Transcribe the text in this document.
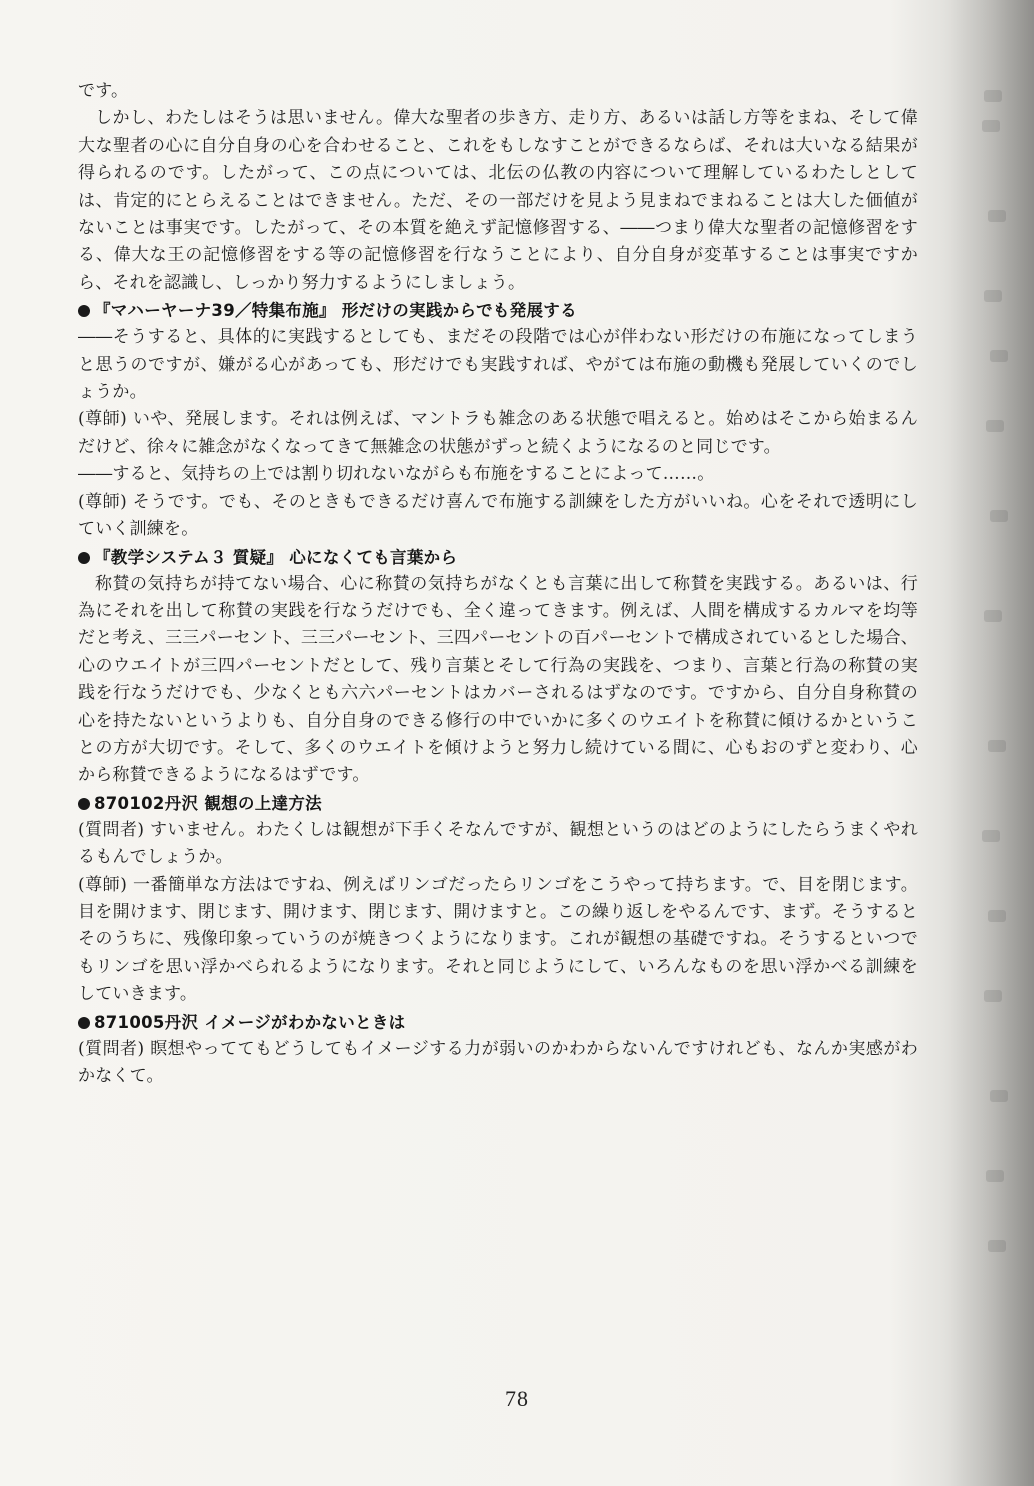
です。

しかし、わたしはそうは思いません。偉大な聖者の歩き方、走り方、あるいは話し方等をまね、そして偉大な聖者の心に自分自身の心を合わせること、これをもしなすことができるならば、それは大いなる結果が得られるのです。したがって、この点については、北伝の仏教の内容について理解しているわたしとしては、肯定的にとらえることはできません。ただ、その一部だけを見よう見まねでまねることは大した価値がないことは事実です。したがって、その本質を絶えず記憶修習する、――つまり偉大な聖者の記憶修習をする、偉大な王の記憶修習をする等の記憶修習を行なうことにより、自分自身が変革することは事実ですから、それを認識し、しっかり努力するようにしましょう。

『マハーヤーナ39／特集布施』 形だけの実践からでも発展する

――そうすると、具体的に実践するとしても、まだその段階では心が伴わない形だけの布施になってしまうと思うのですが、嫌がる心があっても、形だけでも実践すれば、やがては布施の動機も発展していくのでしょうか。

(尊師) いや、発展します。それは例えば、マントラも雑念のある状態で唱えると。始めはそこから始まるんだけど、徐々に雑念がなくなってきて無雑念の状態がずっと続くようになるのと同じです。

――すると、気持ちの上では割り切れないながらも布施をすることによって……。

(尊師) そうです。でも、そのときもできるだけ喜んで布施する訓練をした方がいいね。心をそれで透明にしていく訓練を。

『教学システム３ 質疑』 心になくても言葉から

称賛の気持ちが持てない場合、心に称賛の気持ちがなくとも言葉に出して称賛を実践する。あるいは、行為にそれを出して称賛の実践を行なうだけでも、全く違ってきます。例えば、人間を構成するカルマを均等だと考え、三三パーセント、三三パーセント、三四パーセントの百パーセントで構成されているとした場合、心のウエイトが三四パーセントだとして、残り言葉とそして行為の実践を、つまり、言葉と行為の称賛の実践を行なうだけでも、少なくとも六六パーセントはカバーされるはずなのです。ですから、自分自身称賛の心を持たないというよりも、自分自身のできる修行の中でいかに多くのウエイトを称賛に傾けるかということの方が大切です。そして、多くのウエイトを傾けようと努力し続けている間に、心もおのずと変わり、心から称賛できるようになるはずです。

870102丹沢 観想の上達方法

(質問者) すいません。わたくしは観想が下手くそなんですが、観想というのはどのようにしたらうまくやれるもんでしょうか。

(尊師) 一番簡単な方法はですね、例えばリンゴだったらリンゴをこうやって持ちます。で、目を閉じます。目を開けます、閉じます、開けます、閉じます、開けますと。この繰り返しをやるんです、まず。そうするとそのうちに、残像印象っていうのが焼きつくようになります。これが観想の基礎ですね。そうするといつでもリンゴを思い浮かべられるようになります。それと同じようにして、いろんなものを思い浮かべる訓練をしていきます。

871005丹沢 イメージがわかないときは

(質問者) 瞑想やっててもどうしてもイメージする力が弱いのかわからないんですけれども、なんか実感がわかなくて。

78
